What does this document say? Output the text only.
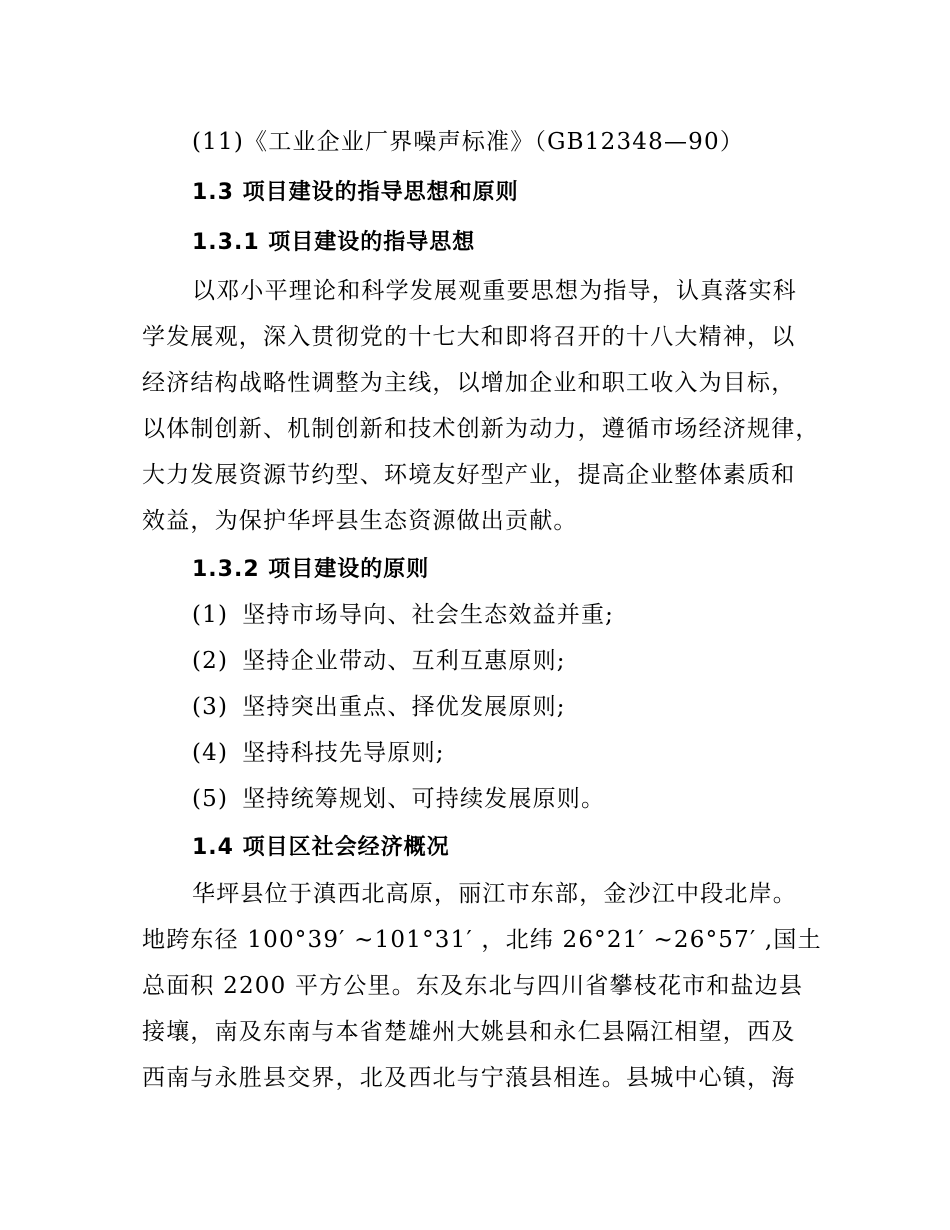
(11)《工业企业厂界噪声标准》（GB12348—90）
1.3 项目建设的指导思想和原则
1.3.1 项目建设的指导思想
以邓小平理论和科学发展观重要思想为指导，认真落实科
学发展观，深入贯彻党的十七大和即将召开的十八大精神，以
经济结构战略性调整为主线，以增加企业和职工收入为目标，
以体制创新、机制创新和技术创新为动力，遵循市场经济规律，
大力发展资源节约型、环境友好型产业，提高企业整体素质和
效益，为保护华坪县生态资源做出贡献。
1.3.2 项目建设的原则
(1) 坚持市场导向、社会生态效益并重;
(2) 坚持企业带动、互利互惠原则;
(3) 坚持突出重点、择优发展原则;
(4) 坚持科技先导原则;
(5) 坚持统筹规划、可持续发展原则。
1.4 项目区社会经济概况
华坪县位于滇西北高原，丽江市东部，金沙江中段北岸。
地跨东径 100°39′ ~101°31′ ，北纬 26°21′ ~26°57′ ,国土
总面积 2200 平方公里。东及东北与四川省攀枝花市和盐边县
接壤，南及东南与本省楚雄州大姚县和永仁县隔江相望，西及
西南与永胜县交界，北及西北与宁蒗县相连。县城中心镇，海
